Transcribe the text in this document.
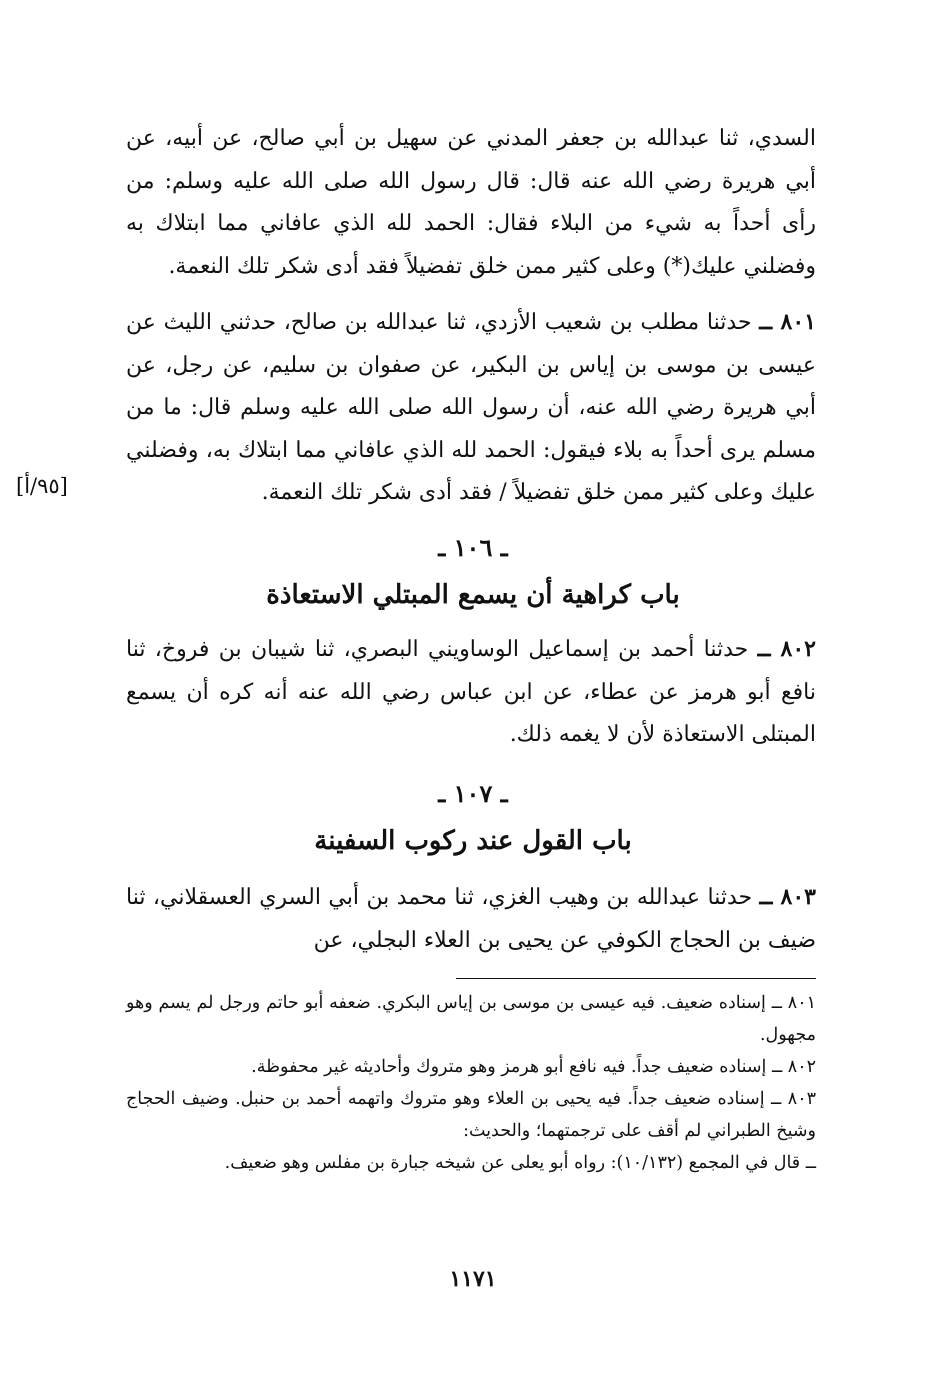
السدي، ثنا عبدالله بن جعفر المدني عن سهيل بن أبي صالح، عن أبيه، عن أبي هريرة رضي الله عنه قال: قال رسول الله صلى الله عليه وسلم: من رأى أحداً به شيء من البلاء فقال: الحمد لله الذي عافاني مما ابتلاك به وفضلني عليك(*) وعلى كثير ممن خلق تفضيلاً فقد أدى شكر تلك النعمة.
٨٠١ ــ حدثنا مطلب بن شعيب الأزدي، ثنا عبدالله بن صالح، حدثني الليث عن عيسى بن موسى بن إياس بن البكير، عن صفوان بن سليم، عن رجل، عن أبي هريرة رضي الله عنه، أن رسول الله صلى الله عليه وسلم قال: ما من مسلم يرى أحداً به بلاء فيقول: الحمد لله الذي عافاني مما ابتلاك به، وفضلني عليك وعلى كثير ممن خلق تفضيلاً / فقد أدى شكر تلك النعمة.
[٩٥/أ]
ـ ١٠٦ ـ
باب كراهية أن يسمع المبتلي الاستعاذة
٨٠٢ ــ حدثنا أحمد بن إسماعيل الوساويني البصري، ثنا شيبان بن فروخ، ثنا نافع أبو هرمز عن عطاء، عن ابن عباس رضي الله عنه أنه كره أن يسمع المبتلى الاستعاذة لأن لا يغمه ذلك.
ـ ١٠٧ ـ
باب القول عند ركوب السفينة
٨٠٣ ــ حدثنا عبدالله بن وهيب الغزي، ثنا محمد بن أبي السري العسقلاني، ثنا ضيف بن الحجاج الكوفي عن يحيى بن العلاء البجلي، عن

٨٠١ ــ إسناده ضعيف. فيه عيسى بن موسى بن إياس البكري. ضعفه أبو حاتم ورجل لم يسم وهو مجهول.

٨٠٢ ــ إسناده ضعيف جداً. فيه نافع أبو هرمز وهو متروك وأحاديثه غير محفوظة.

٨٠٣ ــ إسناده ضعيف جداً. فيه يحيى بن العلاء وهو متروك واتهمه أحمد بن حنبل. وضيف الحجاج وشيخ الطبراني لم أقف على ترجمتهما؛ والحديث:

ــ قال في المجمع (١٠/١٣٢): رواه أبو يعلى عن شيخه جبارة بن مفلس وهو ضعيف.

١١٧١
